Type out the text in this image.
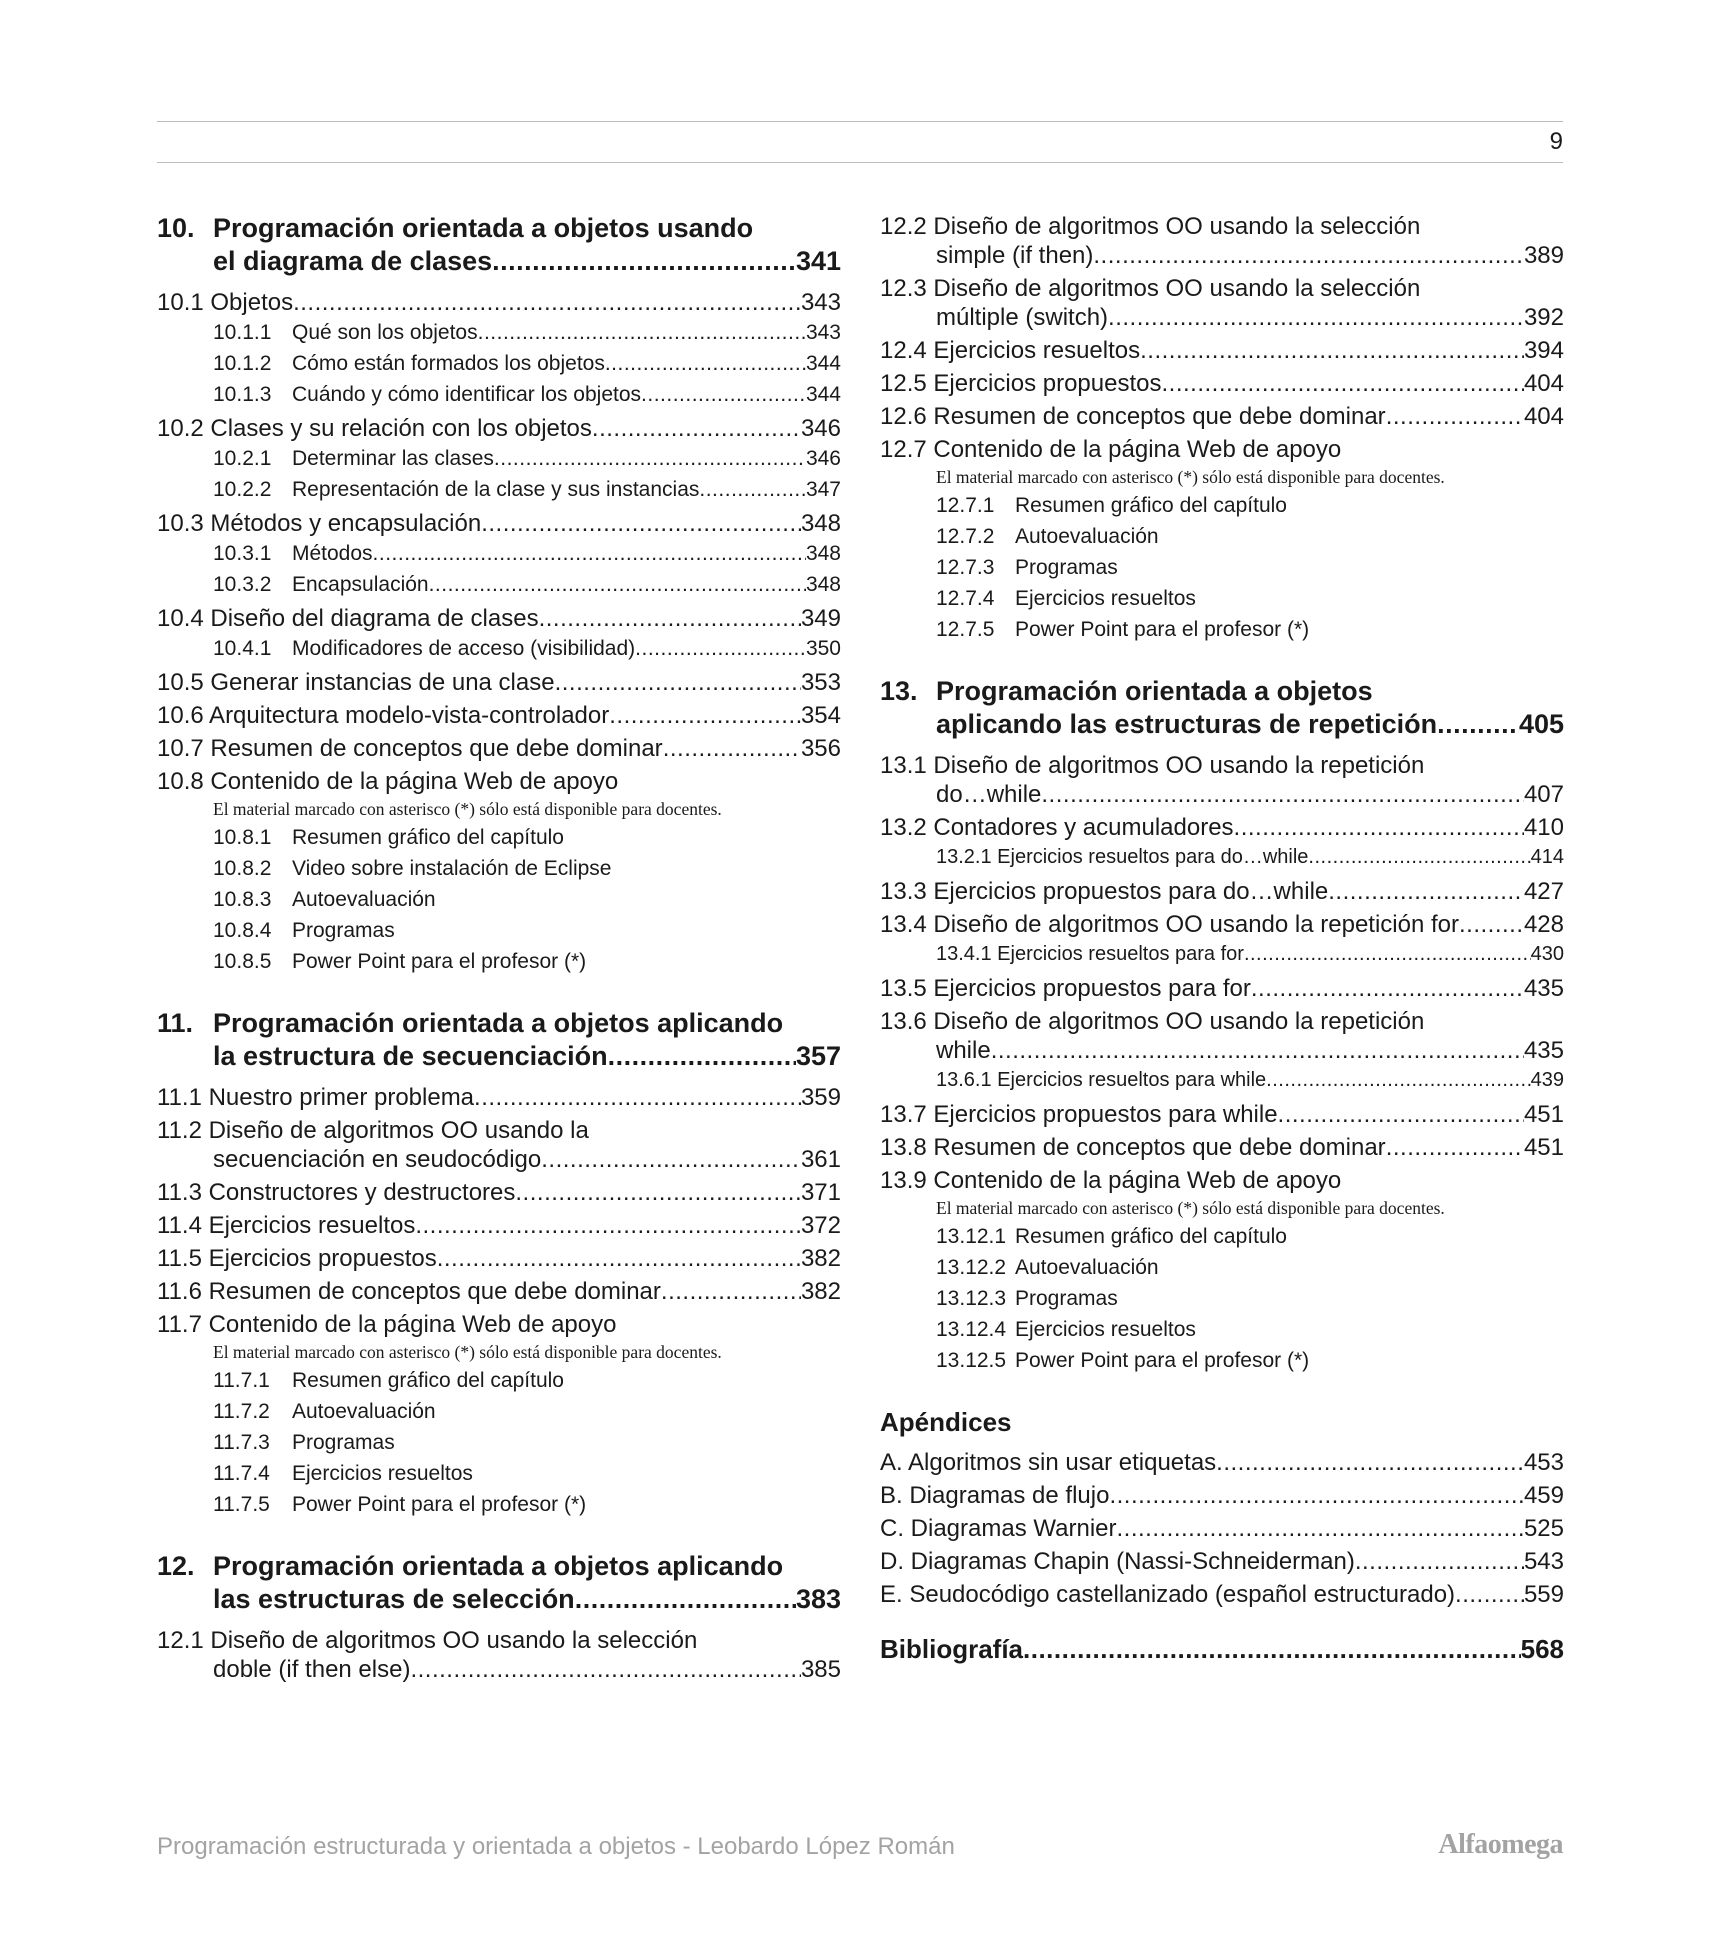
9
10. Programación orientada a objetos usando
el diagrama de clases .....	341
10.1 Objetos .....	343
10.1.1 Qué son los objetos .....	343
10.1.2 Cómo están formados los objetos .....	344
10.1.3 Cuándo y cómo identificar los objetos .....	344
10.2 Clases y su relación con los objetos .....	346
10.2.1 Determinar las clases .....	346
10.2.2 Representación de la clase y sus instancias .....	347
10.3 Métodos y encapsulación .....	348
10.3.1 Métodos .....	348
10.3.2 Encapsulación .....	348
10.4 Diseño del diagrama de clases .....	349
10.4.1 Modificadores de acceso (visibilidad) .....	350
10.5 Generar instancias de una clase .....	353
10.6 Arquitectura modelo-vista-controlador .....	354
10.7 Resumen de conceptos que debe dominar .....	356
10.8 Contenido de la página Web de apoyo
El material marcado con asterisco (*) sólo está disponible para docentes.
10.8.1 Resumen gráfico del capítulo
10.8.2 Video sobre instalación de Eclipse
10.8.3 Autoevaluación
10.8.4 Programas
10.8.5 Power Point para el profesor (*)
11. Programación orientada a objetos aplicando
la estructura de secuenciación .....	357
11.1 Nuestro primer problema .....	359
11.2 Diseño de algoritmos OO usando la
secuenciación en seudocódigo .....	361
11.3 Constructores y destructores .....	371
11.4 Ejercicios resueltos .....	372
11.5 Ejercicios propuestos .....	382
11.6 Resumen de conceptos que debe dominar .....	382
11.7 Contenido de la página Web de apoyo
El material marcado con asterisco (*) sólo está disponible para docentes.
11.7.1 Resumen gráfico del capítulo
11.7.2 Autoevaluación
11.7.3 Programas
11.7.4 Ejercicios resueltos
11.7.5 Power Point para el profesor (*)
12. Programación orientada a objetos aplicando
las estructuras de selección .....	383
12.1 Diseño de algoritmos OO usando la selección
doble (if then else) .....	385
12.2 Diseño de algoritmos OO usando la selección
simple (if then) .....	389
12.3 Diseño de algoritmos OO usando la selección
múltiple (switch) .....	392
12.4 Ejercicios resueltos .....	394
12.5 Ejercicios propuestos .....	404
12.6 Resumen de conceptos que debe dominar .....	404
12.7 Contenido de la página Web de apoyo
El material marcado con asterisco (*) sólo está disponible para docentes.
12.7.1 Resumen gráfico del capítulo
12.7.2 Autoevaluación
12.7.3 Programas
12.7.4 Ejercicios resueltos
12.7.5 Power Point para el profesor (*)
13. Programación orientada a objetos
aplicando las estructuras de repetición .....	405
13.1 Diseño de algoritmos OO usando la repetición
do…while .....	407
13.2 Contadores y acumuladores .....	410
13.2.1 Ejercicios resueltos para do…while .....	414
13.3 Ejercicios propuestos para do…while .....	427
13.4 Diseño de algoritmos OO usando la repetición for .....	428
13.4.1 Ejercicios resueltos para for .....	430
13.5 Ejercicios propuestos para for .....	435
13.6 Diseño de algoritmos OO usando la repetición
while .....	435
13.6.1 Ejercicios resueltos para while .....	439
13.7 Ejercicios propuestos para while .....	451
13.8 Resumen de conceptos que debe dominar .....	451
13.9 Contenido de la página Web de apoyo
El material marcado con asterisco (*) sólo está disponible para docentes.
13.12.1 Resumen gráfico del capítulo
13.12.2 Autoevaluación
13.12.3 Programas
13.12.4 Ejercicios resueltos
13.12.5 Power Point para el profesor (*)
Apéndices
A. Algoritmos sin usar etiquetas .....	453
B. Diagramas de flujo .....	459
C. Diagramas Warnier .....	525
D. Diagramas Chapin (Nassi-Schneiderman) .....	543
E. Seudocódigo castellanizado (español estructurado) .....	559
Bibliografía .....	568
Programación estructurada y orientada a objetos - Leobardo López Román	Alfaomega
